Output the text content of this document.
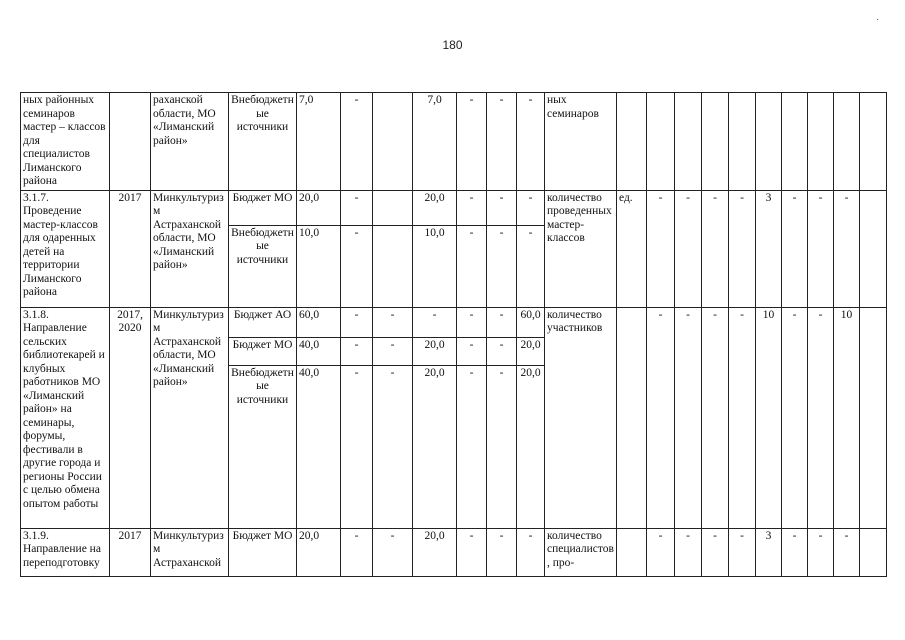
180
ных районных семинаров мастер – классов для специалистов Лиманского района		раханской области, МО «Лиманский район»	Внебюджетные источники	7,0	-		7,0	-	-	-	ных семинаров										
3.1.7. Проведение мастер-классов для одаренных детей на территории Лиманского района	2017	Минкультуризм Астраханской области, МО «Лиманский район»	Бюджет МО	20,0	-		20,0	-	-	-	количество проведенных мастер-классов	ед.	-	-	-	-	3	-	-	-	
			Внебюджетные источники	10,0	-		10,0	-	-	-											
3.1.8. Направление сельских библиотекарей и клубных работников МО «Лиманский район» на семинары, форумы, фестивали в другие города и регионы России с целью обмена опытом работы	2017, 2020	Минкультуризм Астраханской области, МО «Лиманский район»	Бюджет АО	60,0	-	-	-	-	-	60,0	количество участников		-	-	-	-	10	-	-	10	
			Бюджет МО	40,0	-	-	20,0	-	-	20,0											
			Внебюджетные источники	40,0	-	-	20,0	-	-	20,0											
3.1.9. Направление на переподготовку	2017	Минкультуризм Астраханской	Бюджет МО	20,0	-	-	20,0	-	-	-	количество специалистов, про-		-	-	-	-	3	-	-	-	
·
